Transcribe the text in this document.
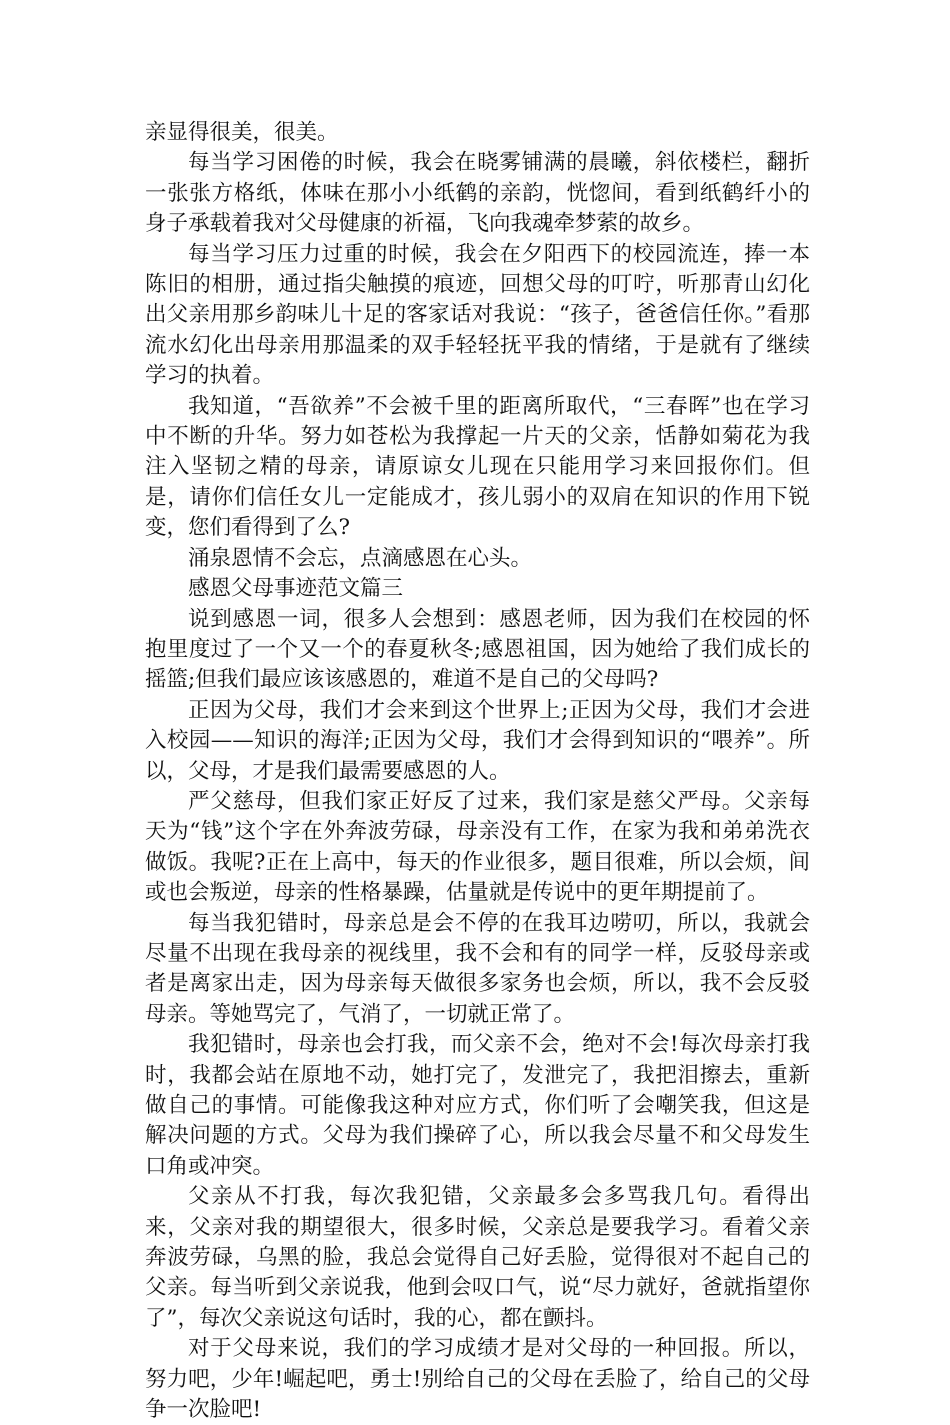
亲显得很美，很美。

每当学习困倦的时候，我会在晓雾铺满的晨曦，斜依楼栏，翻折一张张方格纸，体味在那小小纸鹤的亲韵，恍惚间，看到纸鹤纤小的身子承载着我对父母健康的祈福，飞向我魂牵梦萦的故乡。

每当学习压力过重的时候，我会在夕阳西下的校园流连，捧一本陈旧的相册，通过指尖触摸的痕迹，回想父母的叮咛，听那青山幻化出父亲用那乡韵味儿十足的客家话对我说：“孩子，爸爸信任你。”看那流水幻化出母亲用那温柔的双手轻轻抚平我的情绪，于是就有了继续学习的执着。

我知道，“吾欲养”不会被千里的距离所取代，“三春晖”也在学习中不断的升华。努力如苍松为我撑起一片天的父亲，恬静如菊花为我注入坚韧之精的母亲，请原谅女儿现在只能用学习来回报你们。但是，请你们信任女儿一定能成才，孩儿弱小的双肩在知识的作用下锐变，您们看得到了么?

涌泉恩情不会忘，点滴感恩在心头。

感恩父母事迹范文篇三

说到感恩一词，很多人会想到：感恩老师，因为我们在校园的怀抱里度过了一个又一个的春夏秋冬;感恩祖国，因为她给了我们成长的摇篮;但我们最应该该感恩的，难道不是自己的父母吗?

正因为父母，我们才会来到这个世界上;正因为父母，我们才会进入校园——知识的海洋;正因为父母，我们才会得到知识的“喂养”。所以，父母，才是我们最需要感恩的人。

严父慈母，但我们家正好反了过来，我们家是慈父严母。父亲每天为“钱”这个字在外奔波劳碌，母亲没有工作，在家为我和弟弟洗衣做饭。我呢?正在上高中，每天的作业很多，题目很难，所以会烦，间或也会叛逆，母亲的性格暴躁，估量就是传说中的更年期提前了。

每当我犯错时，母亲总是会不停的在我耳边唠叨，所以，我就会尽量不出现在我母亲的视线里，我不会和有的同学一样，反驳母亲或者是离家出走，因为母亲每天做很多家务也会烦，所以，我不会反驳母亲。等她骂完了，气消了，一切就正常了。

我犯错时，母亲也会打我，而父亲不会，绝对不会!每次母亲打我时，我都会站在原地不动，她打完了，发泄完了，我把泪擦去，重新做自己的事情。可能像我这种对应方式，你们听了会嘲笑我，但这是解决问题的方式。父母为我们操碎了心，所以我会尽量不和父母发生口角或冲突。

父亲从不打我，每次我犯错，父亲最多会多骂我几句。看得出来，父亲对我的期望很大，很多时候，父亲总是要我学习。看着父亲奔波劳碌，乌黑的脸，我总会觉得自己好丢脸，觉得很对不起自己的父亲。每当听到父亲说我，他到会叹口气，说“尽力就好，爸就指望你了”，每次父亲说这句话时，我的心，都在颤抖。

对于父母来说，我们的学习成绩才是对父母的一种回报。所以，努力吧，少年!崛起吧，勇士!别给自己的父母在丢脸了，给自己的父母争一次脸吧!
